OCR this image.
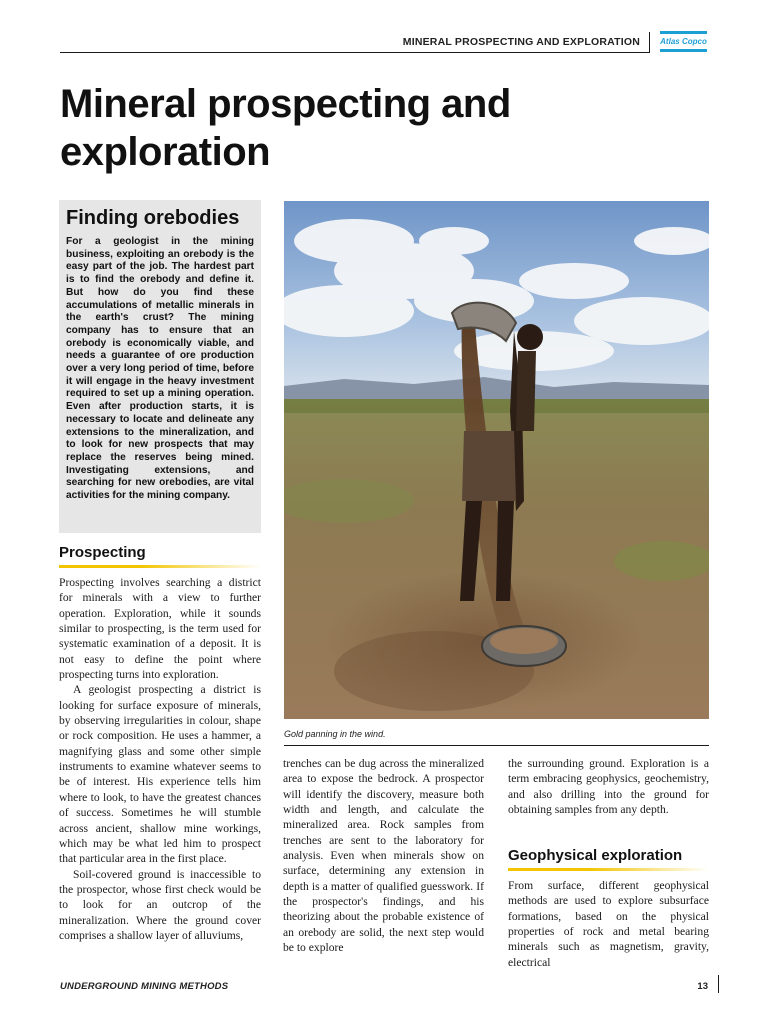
MINERAL PROSPECTING AND EXPLORATION	Atlas Copco
Mineral prospecting and exploration
Finding orebodies

For a geologist in the mining business, exploiting an orebody is the easy part of the job. The hardest part is to find the orebody and define it. But how do you find these accumulations of metallic minerals in the earth's crust? The mining company has to ensure that an orebody is economically viable, and needs a guarantee of ore production over a very long period of time, before it will engage in the heavy investment required to set up a mining operation. Even after production starts, it is necessary to locate and delineate any extensions to the mineralization, and to look for new prospects that may replace the reserves being mined. Investigating extensions, and searching for new orebodies, are vital activities for the mining company.

Prospecting

Prospecting involves searching a district for minerals with a view to further operation. Exploration, while it sounds similar to prospecting, is the term used for systematic examination of a deposit. It is not easy to define the point where prospecting turns into exploration.

A geologist prospecting a district is looking for surface exposure of minerals, by observing irregularities in colour, shape or rock composition. He uses a hammer, a magnifying glass and some other simple instruments to examine whatever seems to be of interest. His experience tells him where to look, to have the greatest chances of success. Sometimes he will stumble across ancient, shallow mine workings, which may be what led him to prospect that particular area in the first place.

Soil-covered ground is inaccessible to the prospector, whose first check would be to look for an outcrop of the mineralization. Where the ground cover comprises a shallow layer of alluviums,

Gold panning in the wind.

trenches can be dug across the mineralized area to expose the bedrock. A prospector will identify the discovery, measure both width and length, and calculate the mineralized area. Rock samples from trenches are sent to the laboratory for analysis. Even when minerals show on surface, determining any extension in depth is a matter of qualified guesswork. If the prospector's findings, and his theorizing about the probable existence of an orebody are solid, the next step would be to explore

the surrounding ground. Exploration is a term embracing geophysics, geochemistry, and also drilling into the ground for obtaining samples from any depth.

Geophysical exploration

From surface, different geophysical methods are used to explore subsurface formations, based on the physical properties of rock and metal bearing minerals such as magnetism, gravity, electrical

UNDERGROUND MINING METHODS	13
